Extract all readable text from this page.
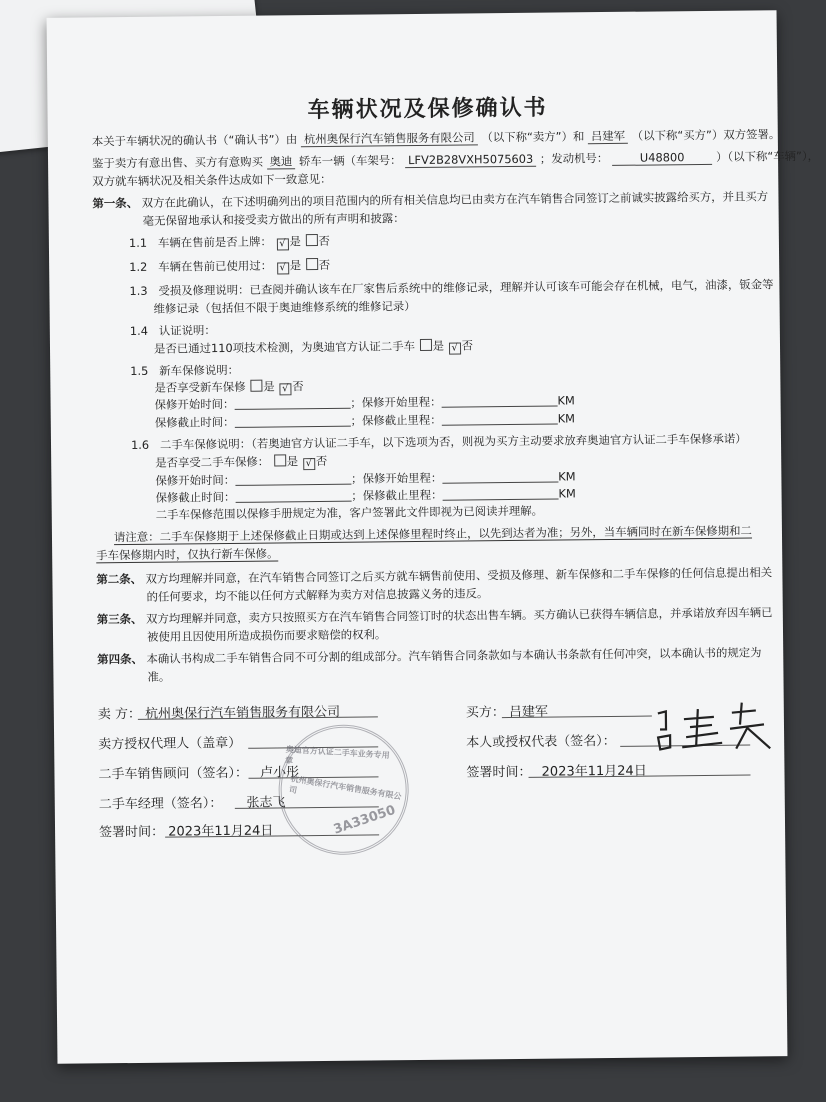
车辆状况及保修确认书
本关于车辆状况的确认书（“确认书”）由 杭州奥保行汽车销售服务有限公司 （以下称“卖方”）和 吕建军 （以下称“买方”）双方签署。
鉴于卖方有意出售、买方有意购买 奥迪 轿车一辆（车架号： LFV2B28VXH5075603 ；发动机号：	U48800	）（以下称“车辆”），
双方就车辆状况及相关条件达成如下一致意见：
第一条、 双方在此确认，在下述明确列出的项目范围内的所有相关信息均已由卖方在汽车销售合同签订之前诚实披露给买方，并且买方
毫无保留地承认和接受卖方做出的所有声明和披露：
1.1 车辆在售前是否上牌： √ 是 否
1.2 车辆在售前已使用过： √ 是 否
1.3 受损及修理说明：已查阅并确认该车在厂家售后系统中的维修记录，理解并认可该车可能会存在机械，电气，油漆，钣金等
维修记录（包括但不限于奥迪维修系统的维修记录）
1.4 认证说明：
是否已通过110项技术检测，为奥迪官方认证二手车 是 √ 否
1.5 新车保修说明：
是否享受新车保修 是 √ 否
保修开始时间：	；保修开始里程：	KM
保修截止时间：	；保修截止里程：	KM
1.6 二手车保修说明：（若奥迪官方认证二手车，以下选项为否，则视为买方主动要求放弃奥迪官方认证二手车保修承诺）
是否享受二手车保修： 是 √ 否
保修开始时间：	；保修开始里程：	KM
保修截止时间：	；保修截止里程：	KM
二手车保修范围以保修手册规定为准，客户签署此文件即视为已阅读并理解。
请注意：二手车保修期于上述保修截止日期或达到上述保修里程时终止，以先到达者为准；另外，当车辆同时在新车保修期和二
手车保修期内时，仅执行新车保修。
第二条、 双方均理解并同意，在汽车销售合同签订之后买方就车辆售前使用、受损及修理、新车保修和二手车保修的任何信息提出相关
的任何要求，均不能以任何方式解释为卖方对信息披露义务的违反。
第三条、 双方均理解并同意，卖方只按照买方在汽车销售合同签订时的状态出售车辆。买方确认已获得车辆信息，并承诺放弃因车辆已
被使用且因使用所造成损伤而要求赔偿的权利。
第四条、 本确认书构成二手车销售合同不可分割的组成部分。汽车销售合同条款如与本确认书条款有任何冲突，以本确认书的规定为
准。
卖 方： 杭州奥保行汽车销售服务有限公司
卖方授权代理人（盖章）
二手车销售顾问（签名）： 卢小彤
二手车经理（签名）： 张志飞
签署时间： 2023年11月24日
奥迪官方认证二手车业务专用章
杭州奥保行汽车销售服务有限公司
3A33050
买方： 吕建军
本人或授权代表（签名）：
签署时间： 2023年11月24日
